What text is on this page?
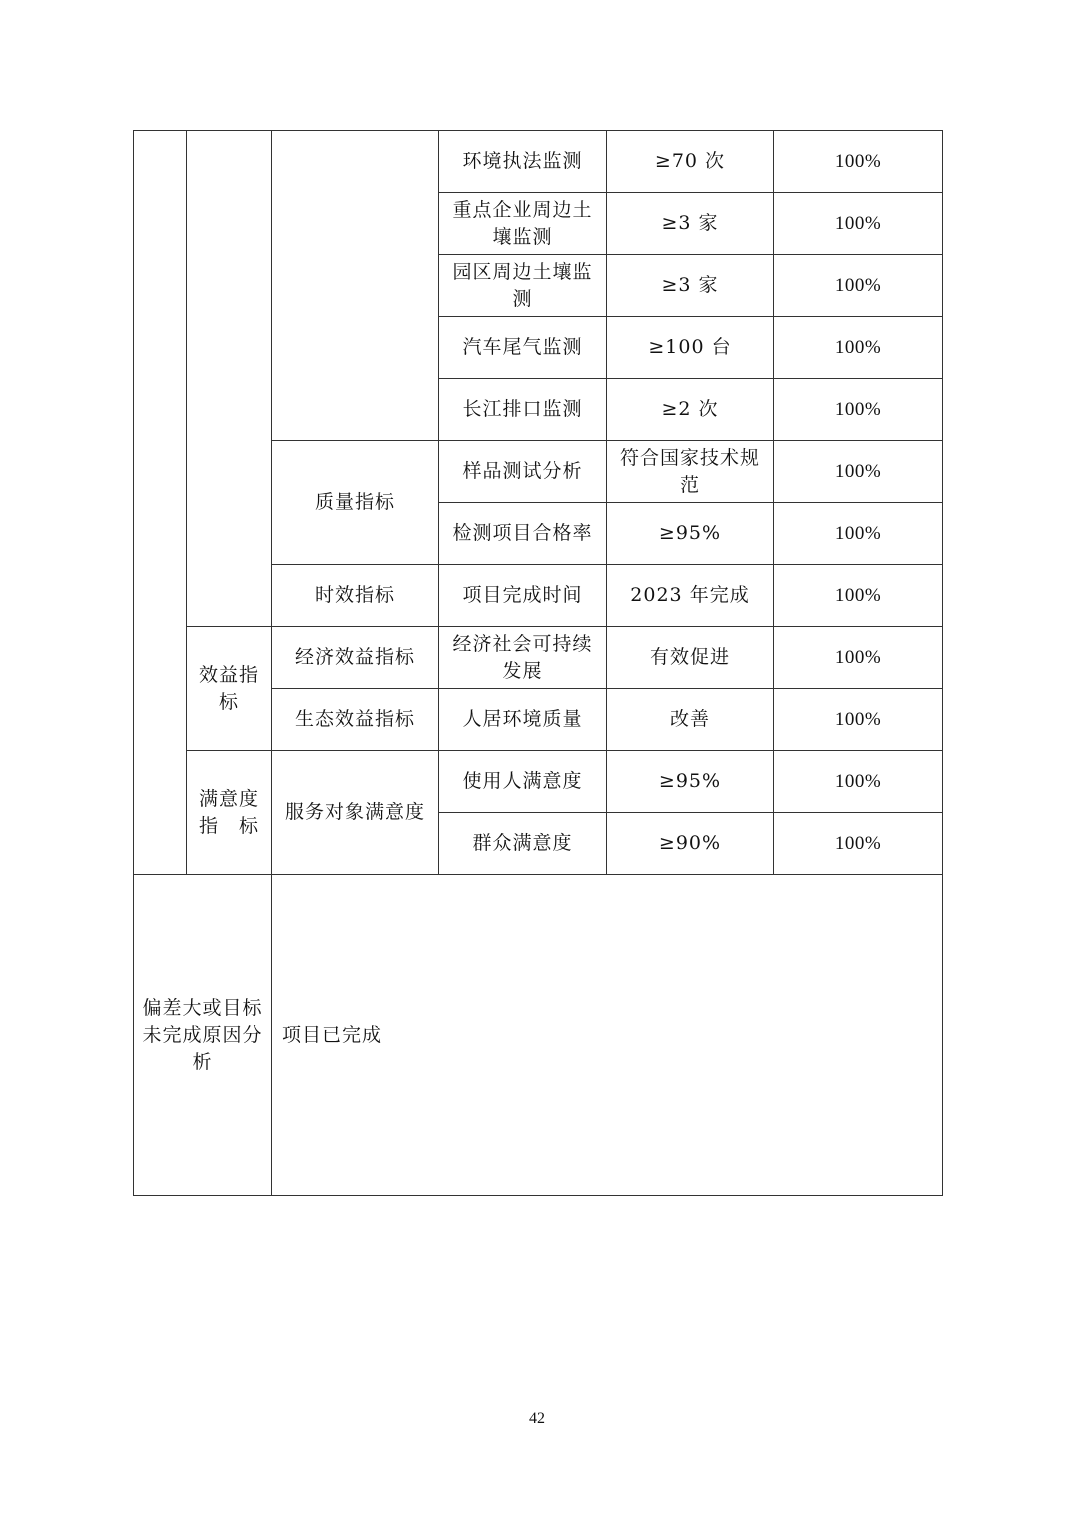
			环境执法监测	≥70 次	100%
			重点企业周边土壤监测	≥3 家	100%
			园区周边土壤监测	≥3 家	100%
			汽车尾气监测	≥100 台	100%
			长江排口监测	≥2 次	100%
		质量指标	样品测试分析	符合国家技术规范	100%
			检测项目合格率	≥95%	100%
		时效指标	项目完成时间	2023 年完成	100%
	效益指标	经济效益指标	经济社会可持续发展	有效促进	100%
		生态效益指标	人居环境质量	改善	100%
	满意度指　标	服务对象满意度	使用人满意度	≥95%	100%
			群众满意度	≥90%	100%
偏差大或目标未完成原因分析		项目已完成			
42
